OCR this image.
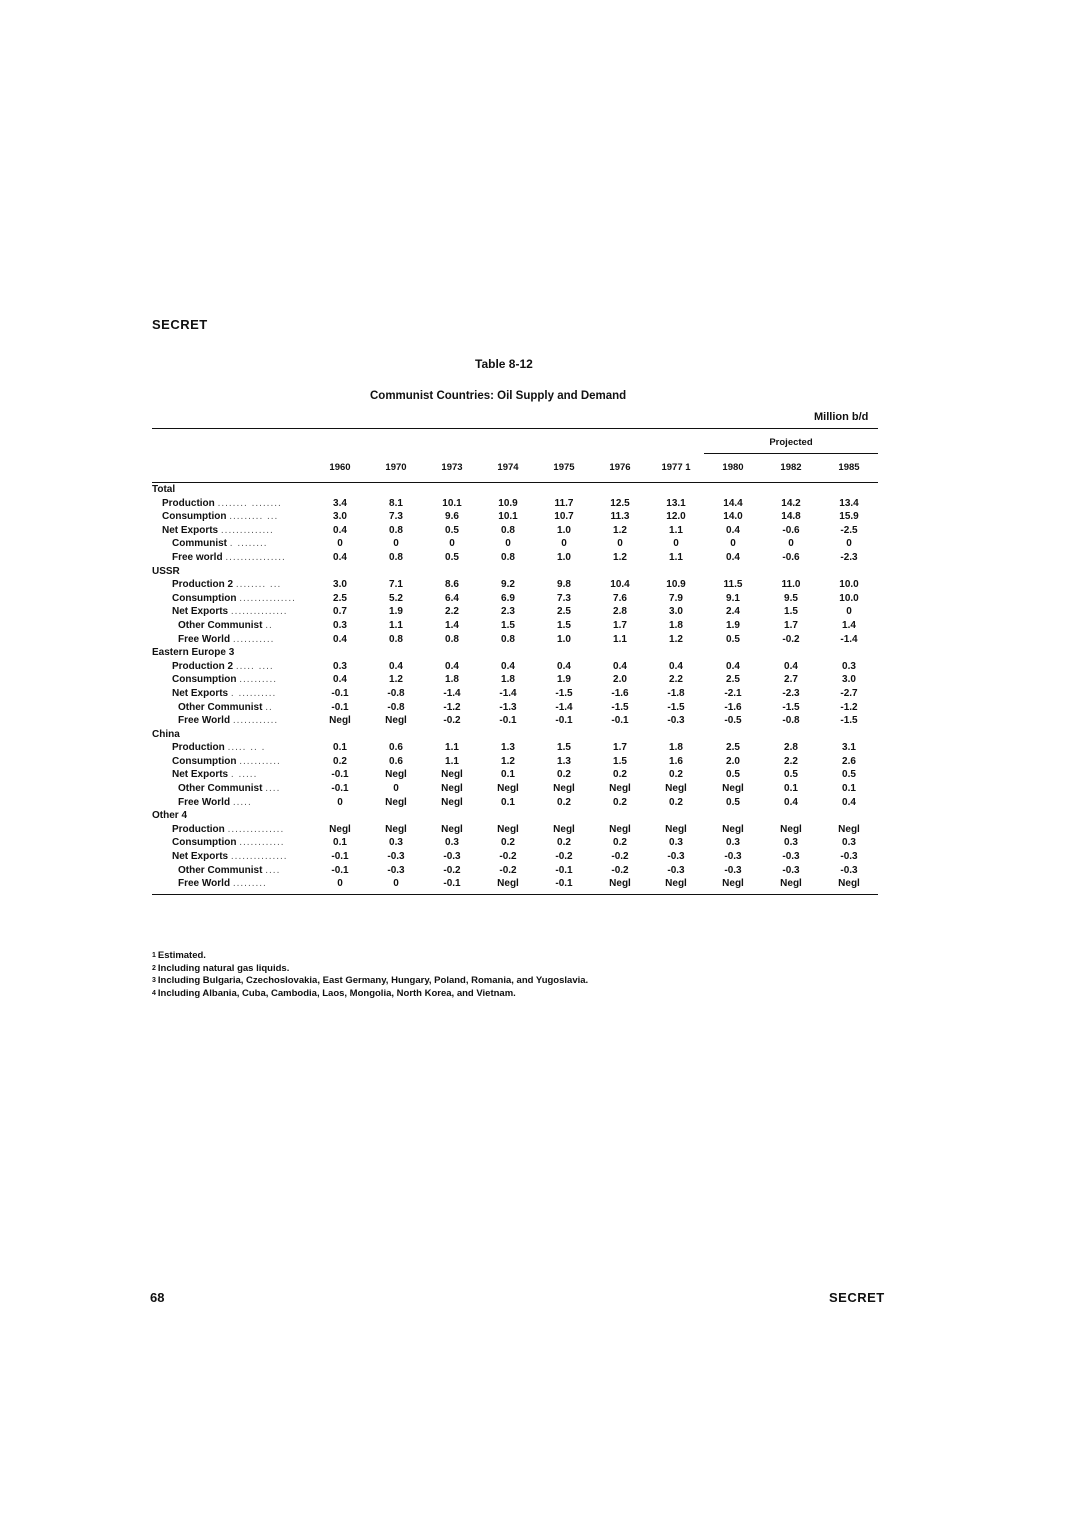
SECRET
Table 8-12
Communist Countries: Oil Supply and Demand
Million b/d

								Projected		
	1960	1970	1973	1974	1975	1976	1977 1	1980	1982	1985
Total										
Production ........ ........	3.4	8.1	10.1	10.9	11.7	12.5	13.1	14.4	14.2	13.4
Consumption ......... ...	3.0	7.3	9.6	10.1	10.7	11.3	12.0	14.0	14.8	15.9
Net Exports ..............	0.4	0.8	0.5	0.8	1.0	1.2	1.1	0.4	-0.6	-2.5
Communist . ........	0	0	0	0	0	0	0	0	0	0
Free world ................	0.4	0.8	0.5	0.8	1.0	1.2	1.1	0.4	-0.6	-2.3
USSR										
Production 2 ........ ...	3.0	7.1	8.6	9.2	9.8	10.4	10.9	11.5	11.0	10.0
Consumption ...............	2.5	5.2	6.4	6.9	7.3	7.6	7.9	9.1	9.5	10.0
Net Exports ...............	0.7	1.9	2.2	2.3	2.5	2.8	3.0	2.4	1.5	0
Other Communist ..	0.3	1.1	1.4	1.5	1.5	1.7	1.8	1.9	1.7	1.4
Free World ...........	0.4	0.8	0.8	0.8	1.0	1.1	1.2	0.5	-0.2	-1.4
Eastern Europe 3										
Production 2 ..... ....	0.3	0.4	0.4	0.4	0.4	0.4	0.4	0.4	0.4	0.3
Consumption ..........	0.4	1.2	1.8	1.8	1.9	2.0	2.2	2.5	2.7	3.0
Net Exports . ..........	-0.1	-0.8	-1.4	-1.4	-1.5	-1.6	-1.8	-2.1	-2.3	-2.7
Other Communist ..	-0.1	-0.8	-1.2	-1.3	-1.4	-1.5	-1.5	-1.6	-1.5	-1.2
Free World ............	Negl	Negl	-0.2	-0.1	-0.1	-0.1	-0.3	-0.5	-0.8	-1.5
China										
Production ..... .. .	0.1	0.6	1.1	1.3	1.5	1.7	1.8	2.5	2.8	3.1
Consumption ...........	0.2	0.6	1.1	1.2	1.3	1.5	1.6	2.0	2.2	2.6
Net Exports . .....	-0.1	Negl	Negl	0.1	0.2	0.2	0.2	0.5	0.5	0.5
Other Communist ....	-0.1	0	Negl	Negl	Negl	Negl	Negl	Negl	0.1	0.1
Free World .....	0	Negl	Negl	0.1	0.2	0.2	0.2	0.5	0.4	0.4
Other 4										
Production ...............	Negl	Negl	Negl	Negl	Negl	Negl	Negl	Negl	Negl	Negl
Consumption ............	0.1	0.3	0.3	0.2	0.2	0.2	0.3	0.3	0.3	0.3
Net Exports ...............	-0.1	-0.3	-0.3	-0.2	-0.2	-0.2	-0.3	-0.3	-0.3	-0.3
Other Communist ....	-0.1	-0.3	-0.2	-0.2	-0.1	-0.2	-0.3	-0.3	-0.3	-0.3
Free World .........	0	0	-0.1	Negl	-0.1	Negl	Negl	Negl	Negl	Negl
$^1$ Estimated.
$^2$ Including natural gas liquids.
$^3$ Including Bulgaria, Czechoslovakia, East Germany, Hungary, Poland, Romania, and Yugoslavia.
$^4$ Including Albania, Cuba, Cambodia, Laos, Mongolia, North Korea, and Vietnam.
68	SECRET
